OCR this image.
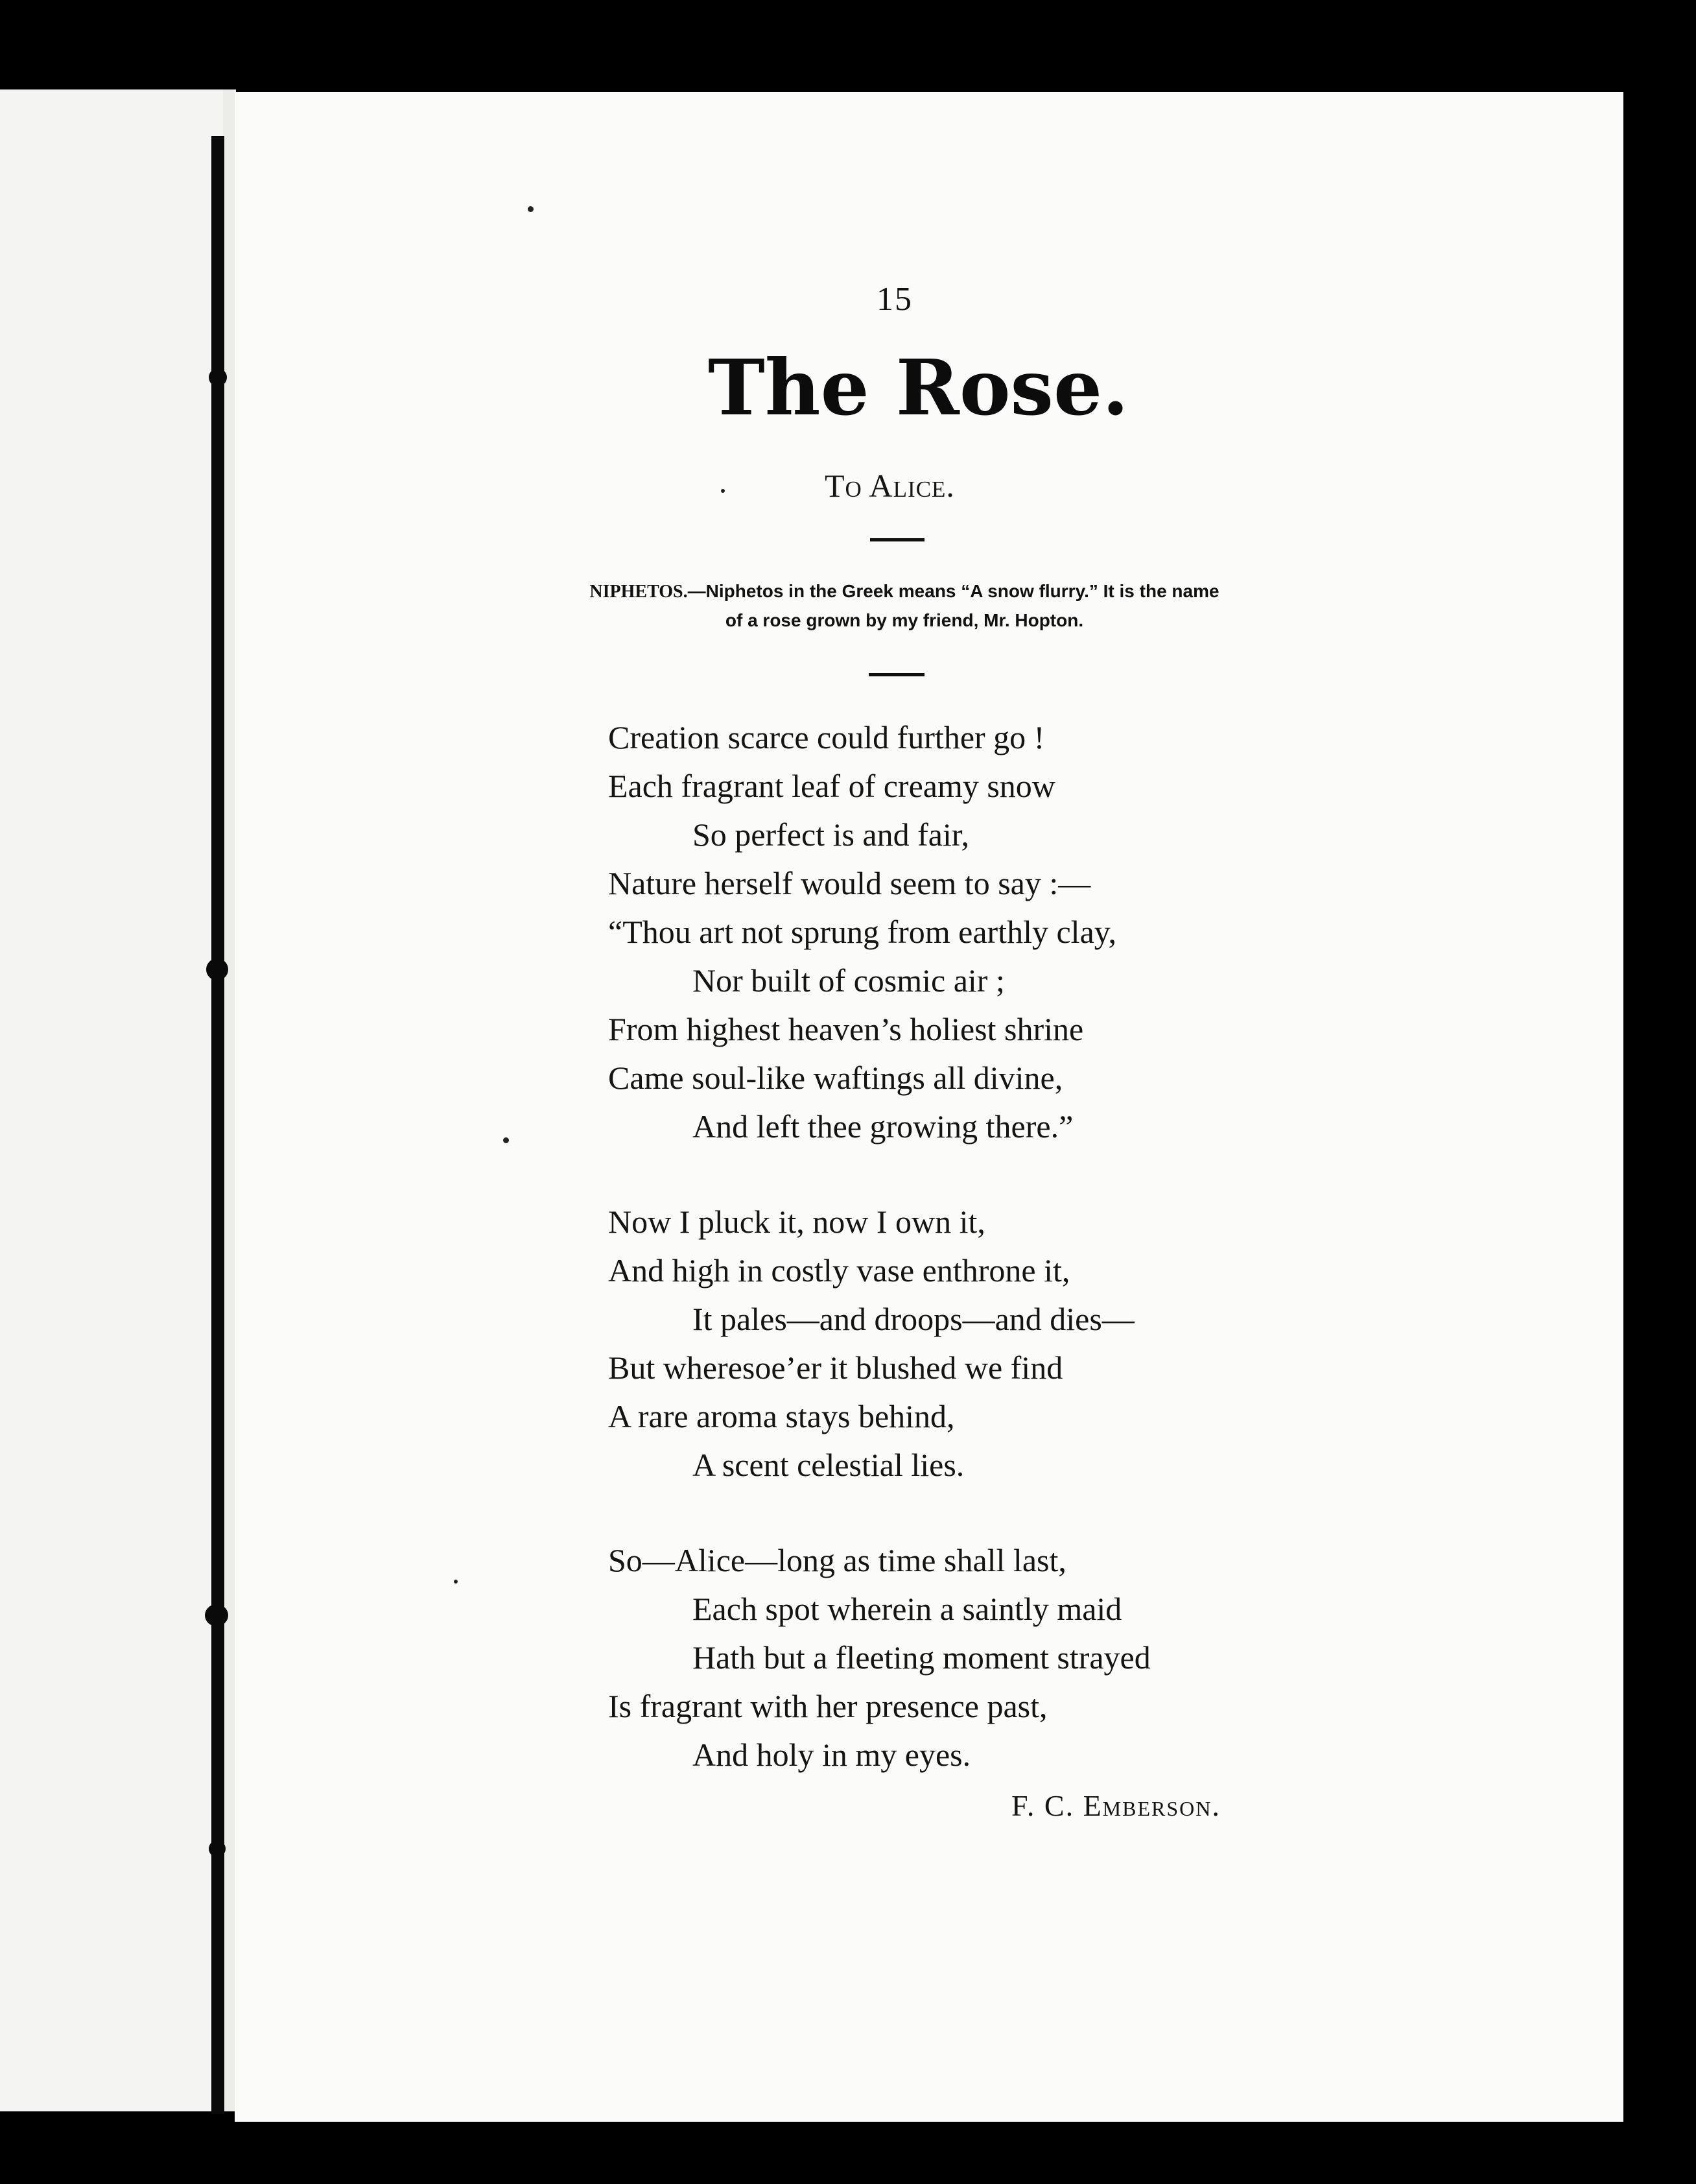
15
The Rose.
To Alice.
NIPHETOS.—Niphetos in the Greek means “A snow flurry.” It is the name
of a rose grown by my friend, Mr. Hopton.
Creation scarce could further go !
Each fragrant leaf of creamy snow
So perfect is and fair,
Nature herself would seem to say :—
“Thou art not sprung from earthly clay,
Nor built of cosmic air ;
From highest heaven’s holiest shrine
Came soul-like waftings all divine,
And left thee growing there.”
Now I pluck it, now I own it,
And high in costly vase enthrone it,
It pales—and droops—and dies—
But wheresoe’er it blushed we find
A rare aroma stays behind,
A scent celestial lies.
So—Alice—long as time shall last,
Each spot wherein a saintly maid
Hath but a fleeting moment strayed
Is fragrant with her presence past,
And holy in my eyes.
F. C. Emberson.
